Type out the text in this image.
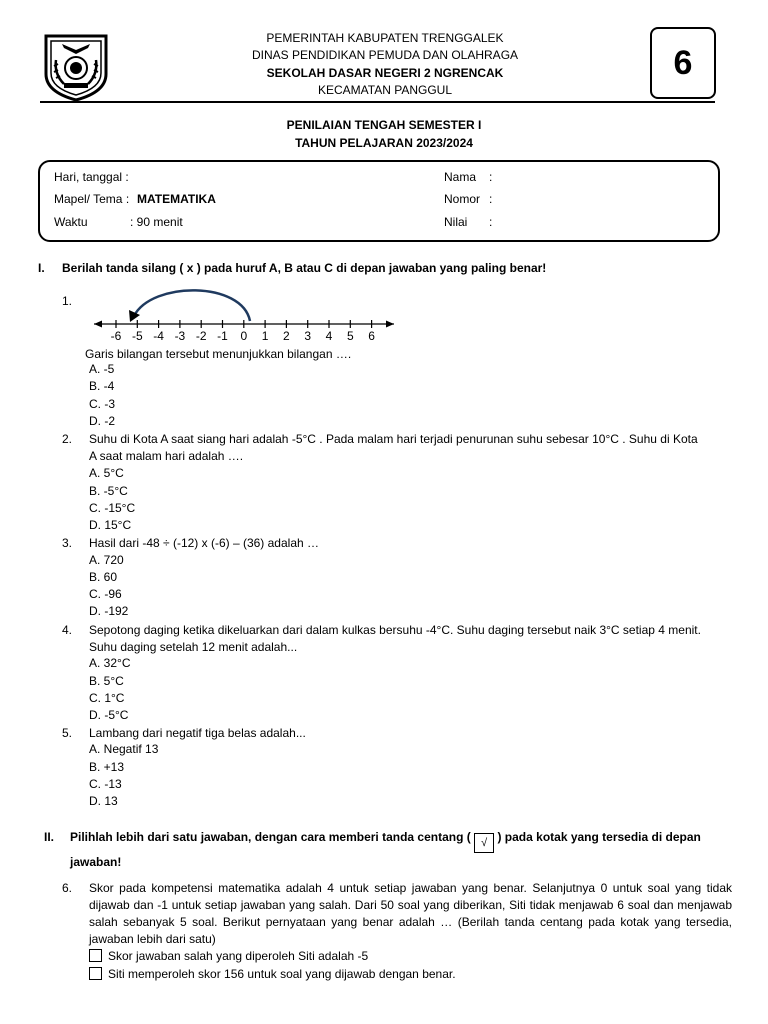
PEMERINTAH KABUPATEN TRENGGALEK
DINAS PENDIDIKAN PEMUDA DAN OLAHRAGA
SEKOLAH DASAR NEGERI 2 NGRENCAK
KECAMATAN PANGGUL
6
PENILAIAN TENGAH SEMESTER I
TAHUN PELAJARAN 2023/2024
Hari, tanggal :
Mapel/ Tema : MATEMATIKA
Waktu	: 90 menit
Nama :
Nomor :
Nilai :
I. Berilah tanda silang ( x ) pada huruf A, B atau C di depan jawaban yang paling benar!
1.
-6 -5 -4 -3 -2 -1 0 1 2 3 4 5 6
Garis bilangan tersebut menunjukkan bilangan ….
A. -5
B. -4
C. -3
D. -2
2. Suhu di Kota A saat siang hari adalah -5°C . Pada malam hari terjadi penurunan suhu sebesar 10°C . Suhu di Kota
A saat malam hari adalah ….
A. 5°C
B. -5°C
C. -15°C
D. 15°C
3. Hasil dari -48 ÷ (-12) x (-6) – (36) adalah …
A. 720
B. 60
C. -96
D. -192
4. Sepotong daging ketika dikeluarkan dari dalam kulkas bersuhu -4°C. Suhu daging tersebut naik 3°C setiap 4 menit.
Suhu daging setelah 12 menit adalah...
A. 32°C
B. 5°C
C. 1°C
D. -5°C
5. Lambang dari negatif tiga belas adalah...
A. Negatif 13
B. +13
C. -13
D. 13
II. Pilihlah lebih dari satu jawaban, dengan cara memberi tanda centang ( √ ) pada kotak yang tersedia di depan
jawaban!
6. Skor pada kompetensi matematika adalah 4 untuk setiap jawaban yang benar. Selanjutnya 0 untuk soal yang tidak dijawab dan -1 untuk setiap jawaban yang salah. Dari 50 soal yang diberikan, Siti tidak menjawab 6 soal dan menjawab salah sebanyak 5 soal. Berikut pernyataan yang benar adalah … (Berilah tanda centang pada kotak yang tersedia, jawaban lebih dari satu)
Skor jawaban salah yang diperoleh Siti adalah -5
Siti memperoleh skor 156 untuk soal yang dijawab dengan benar.
